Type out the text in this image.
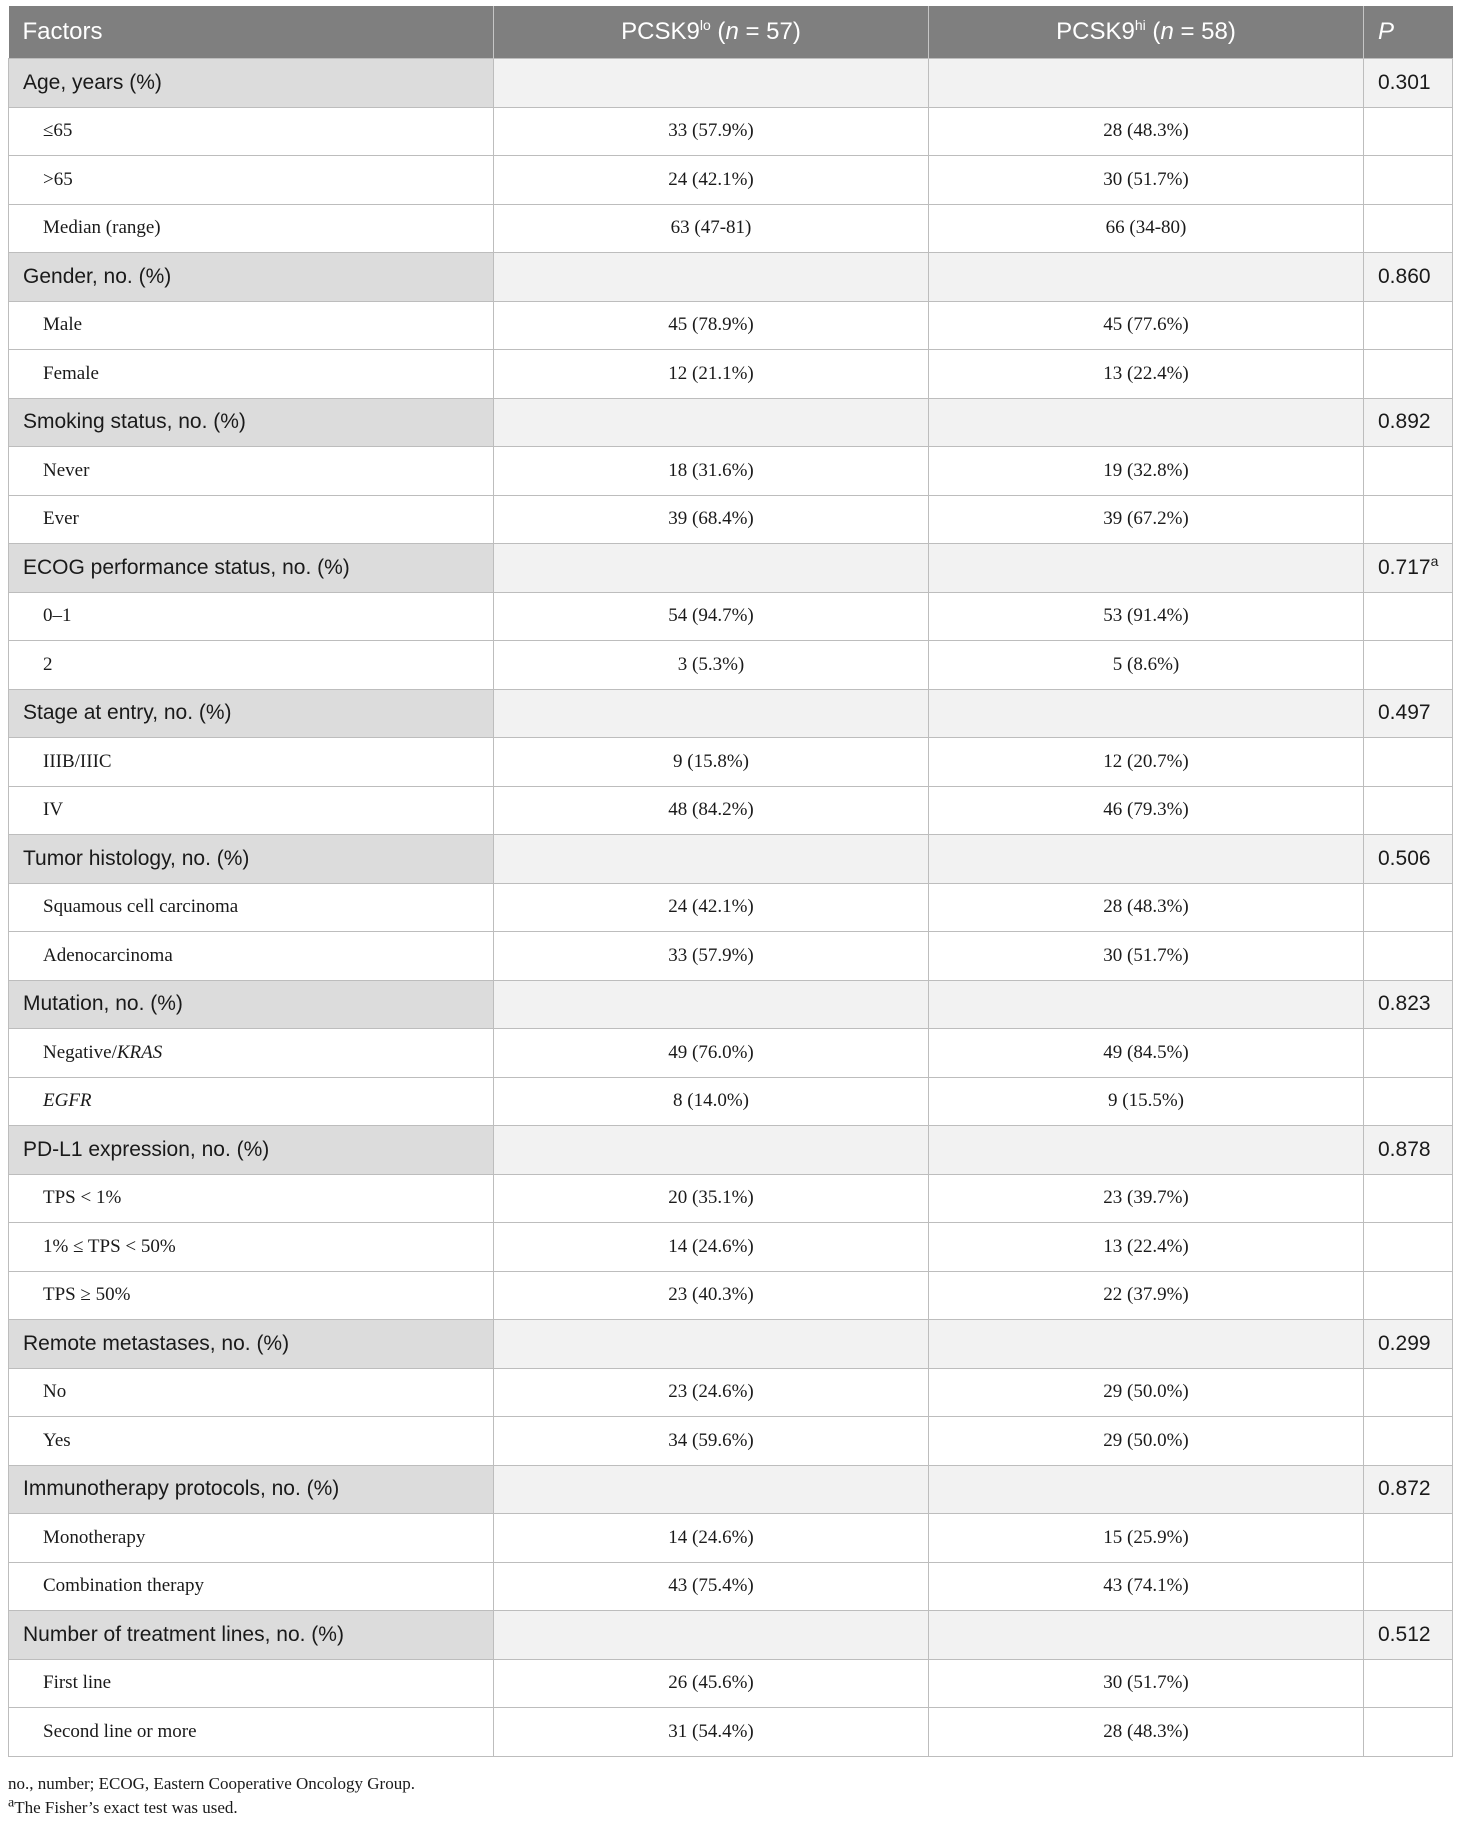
Factors	$PCSK9^{lo}$ (n = 57)	$PCSK9^{hi}$ (n = 58)	P
Age, years (%)			0.301
≤65	33 (57.9%)	28 (48.3%)	
>65	24 (42.1%)	30 (51.7%)	
Median (range)	63 (47-81)	66 (34-80)	
Gender, no. (%)			0.860
Male	45 (78.9%)	45 (77.6%)	
Female	12 (21.1%)	13 (22.4%)	
Smoking status, no. (%)			0.892
Never	18 (31.6%)	19 (32.8%)	
Ever	39 (68.4%)	39 (67.2%)	
ECOG performance status, no. (%)			0.717$^a$
0–1	54 (94.7%)	53 (91.4%)	
2	3 (5.3%)	5 (8.6%)	
Stage at entry, no. (%)			0.497
IIIB/IIIC	9 (15.8%)	12 (20.7%)	
IV	48 (84.2%)	46 (79.3%)	
Tumor histology, no. (%)			0.506
Squamous cell carcinoma	24 (42.1%)	28 (48.3%)	
Adenocarcinoma	33 (57.9%)	30 (51.7%)	
Mutation, no. (%)			0.823
Negative/KRAS	49 (76.0%)	49 (84.5%)	
EGFR	8 (14.0%)	9 (15.5%)	
PD-L1 expression, no. (%)			0.878
TPS < 1%	20 (35.1%)	23 (39.7%)	
1% ≤ TPS < 50%	14 (24.6%)	13 (22.4%)	
TPS ≥ 50%	23 (40.3%)	22 (37.9%)	
Remote metastases, no. (%)			0.299
No	23 (24.6%)	29 (50.0%)	
Yes	34 (59.6%)	29 (50.0%)	
Immunotherapy protocols, no. (%)			0.872
Monotherapy	14 (24.6%)	15 (25.9%)	
Combination therapy	43 (75.4%)	43 (74.1%)	
Number of treatment lines, no. (%)			0.512
First line	26 (45.6%)	30 (51.7%)	
Second line or more	31 (54.4%)	28 (48.3%)	
no., number; ECOG, Eastern Cooperative Oncology Group.
$^a$The Fisher’s exact test was used.
